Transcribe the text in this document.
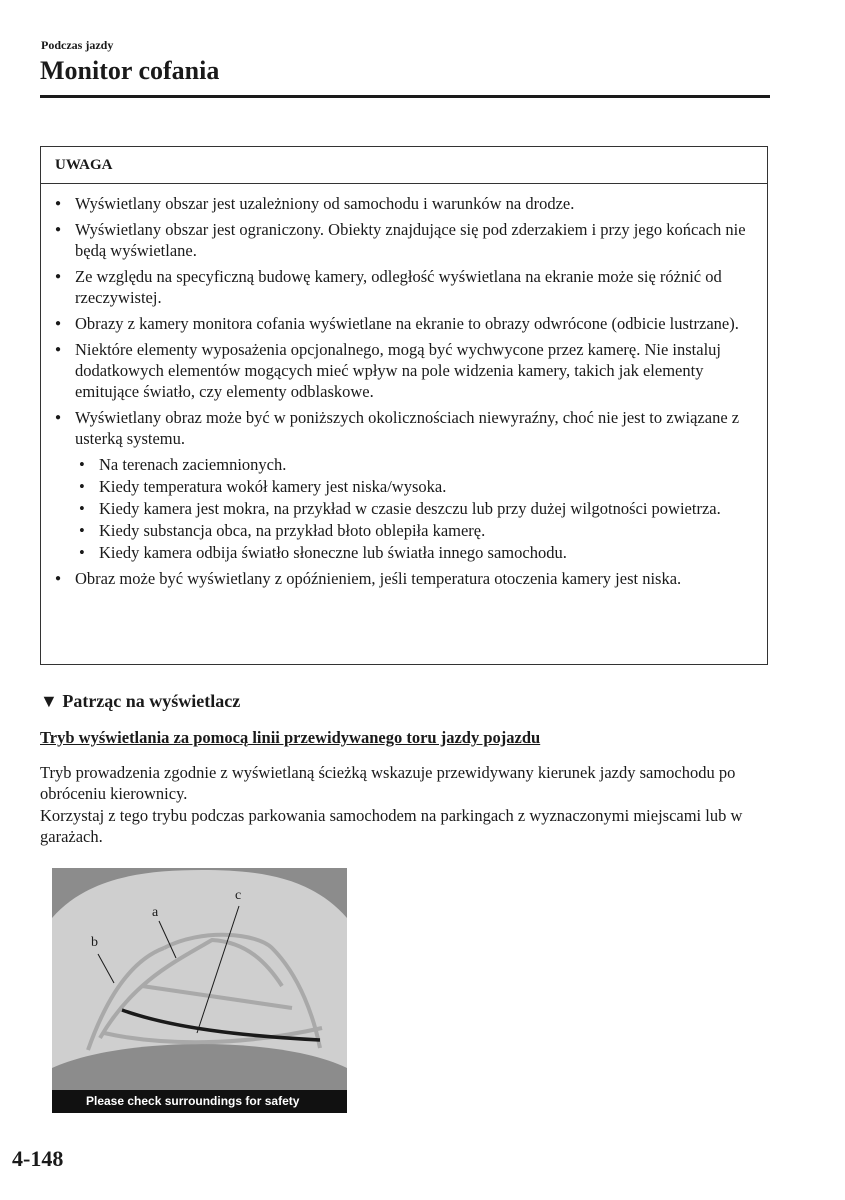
Podczas jazdy
Monitor cofania
UWAGA
● Wyświetlany obszar jest uzależniony od samochodu i warunków na drodze.
● Wyświetlany obszar jest ograniczony. Obiekty znajdujące się pod zderzakiem i przy jego końcach nie będą wyświetlane.
● Ze względu na specyficzną budowę kamery, odległość wyświetlana na ekranie może się różnić od rzeczywistej.
● Obrazy z kamery monitora cofania wyświetlane na ekranie to obrazy odwrócone (odbicie lustrzane).
● Niektóre elementy wyposażenia opcjonalnego, mogą być wychwycone przez kamerę. Nie instaluj dodatkowych elementów mogących mieć wpływ na pole widzenia kamery, takich jak elementy emitujące światło, czy elementy odblaskowe.
● Wyświetlany obraz może być w poniższych okolicznościach niewyraźny, choć nie jest to związane z usterką systemu.
• Na terenach zaciemnionych.
• Kiedy temperatura wokół kamery jest niska/wysoka.
• Kiedy kamera jest mokra, na przykład w czasie deszczu lub przy dużej wilgotności powietrza.
• Kiedy substancja obca, na przykład błoto oblepiła kamerę.
• Kiedy kamera odbija światło słoneczne lub światła innego samochodu.
● Obraz może być wyświetlany z opóźnieniem, jeśli temperatura otoczenia kamery jest niska.
▼ Patrząc na wyświetlacz
Tryb wyświetlania za pomocą linii przewidywanego toru jazdy pojazdu

Tryb prowadzenia zgodnie z wyświetlaną ścieżką wskazuje przewidywany kierunek jazdy samochodu po obróceniu kierownicy.

Korzystaj z tego trybu podczas parkowania samochodem na parkingach z wyznaczonymi miejscami lub w garażach.

a
b
c
Please check surroundings for safety
4-148
